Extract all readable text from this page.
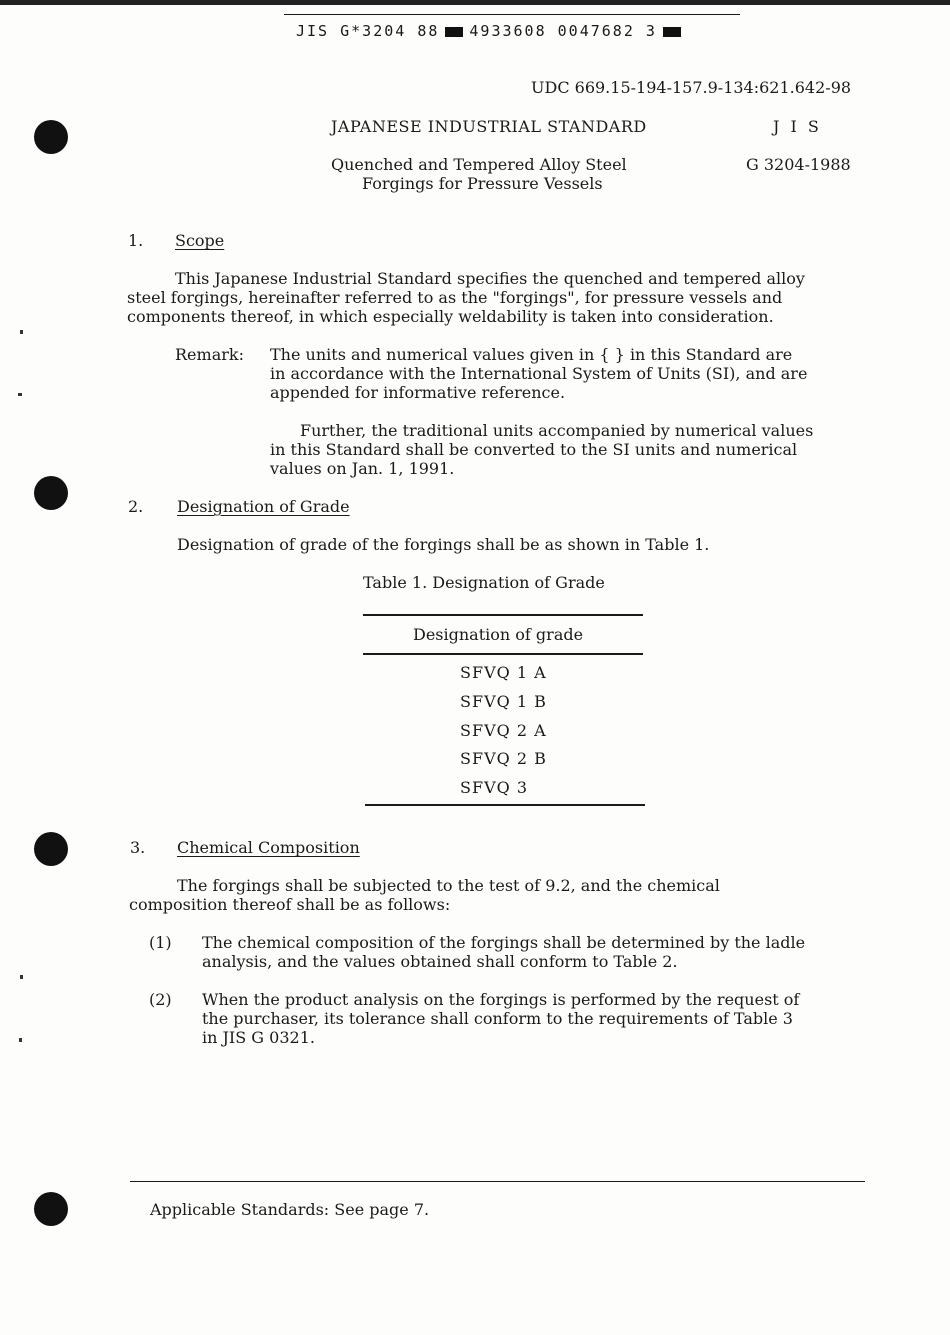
JIS G*3204 88 4933608 0047682 3
UDC 669.15-194-157.9-134:621.642-98
JAPANESE INDUSTRIAL STANDARD	J I S
Quenched and Tempered Alloy Steel
Forgings for Pressure Vessels
G 3204-1988
1. Scope
This Japanese Industrial Standard specifies the quenched and tempered alloy
steel forgings, hereinafter referred to as the "forgings", for pressure vessels and
components thereof, in which especially weldability is taken into consideration.
Remark: The units and numerical values given in { } in this Standard are
in accordance with the International System of Units (SI), and are
appended for informative reference.
Further, the traditional units accompanied by numerical values
in this Standard shall be converted to the SI units and numerical
values on Jan. 1, 1991.
2. Designation of Grade
Designation of grade of the forgings shall be as shown in Table 1.
Table 1. Designation of Grade
Designation of grade
SFVQ 1 A
SFVQ 1 B
SFVQ 2 A
SFVQ 2 B
SFVQ 3
3. Chemical Composition
The forgings shall be subjected to the test of 9.2, and the chemical
composition thereof shall be as follows:
(1) The chemical composition of the forgings shall be determined by the ladle
analysis, and the values obtained shall conform to Table 2.
(2) When the product analysis on the forgings is performed by the request of
the purchaser, its tolerance shall conform to the requirements of Table 3
in JIS G 0321.
Applicable Standards: See page 7.
